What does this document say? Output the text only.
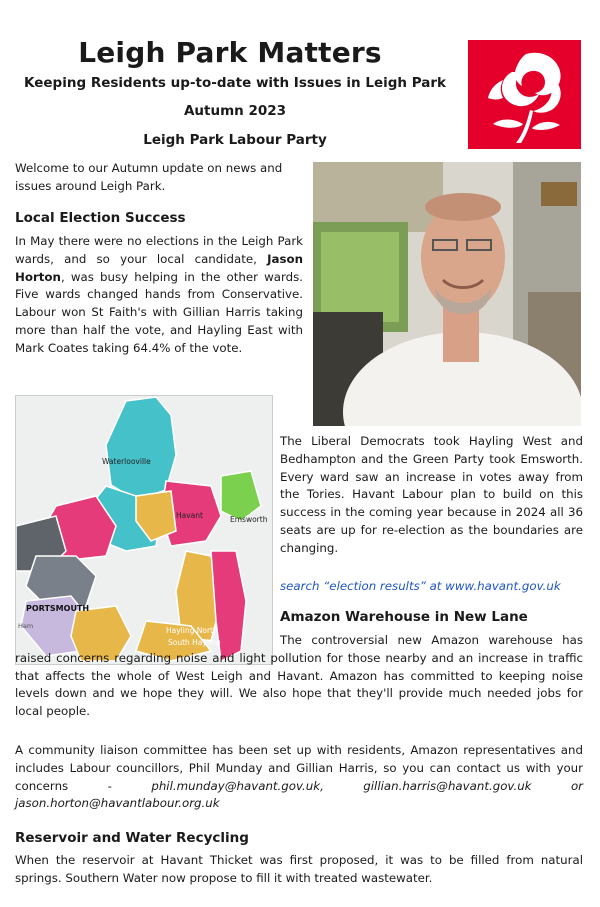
Leigh Park Matters
Keeping Residents up-to-date with Issues in Leigh Park
Autumn 2023
Leigh Park Labour Party

Welcome to our Autumn update on news and issues around Leigh Park.

Local Election Success

In May there were no elections in the Leigh Park wards, and so your local candidate, Jason Horton, was busy helping in the other wards. Five wards changed hands from Conservative. Labour won St Faith's with Gillian Harris taking more than half the vote, and Hayling East with Mark Coates taking 64.4% of the vote.

Waterlooville
Havant	Emsworth
PORTSMOUTH
Hayling North
South Hayling
Ham

The Liberal Democrats took Hayling West and Bedhampton and the Green Party took Emsworth. Every ward saw an increase in votes away from the Tories. Havant Labour plan to build on this success in the coming year because in 2024 all 36 seats are up for re-election as the boundaries are changing.

search “election results” at www.havant.gov.uk
Amazon Warehouse in New Lane

The controversial new Amazon warehouse has raised concerns regarding noise and light pollution for those nearby and an increase in traffic that affects the whole of West Leigh and Havant. Amazon has committed to keeping noise levels down and we hope they will. We also hope that they'll provide much needed jobs for local people.

A community liaison committee has been set up with residents, Amazon representatives and includes Labour councillors, Phil Munday and Gillian Harris, so you can contact us with your concerns - phil.munday@havant.gov.uk, gillian.harris@havant.gov.uk or jason.horton@havantlabour.org.uk

Reservoir and Water Recycling

When the reservoir at Havant Thicket was first proposed, it was to be filled from natural springs. Southern Water now propose to fill it with treated wastewater.
